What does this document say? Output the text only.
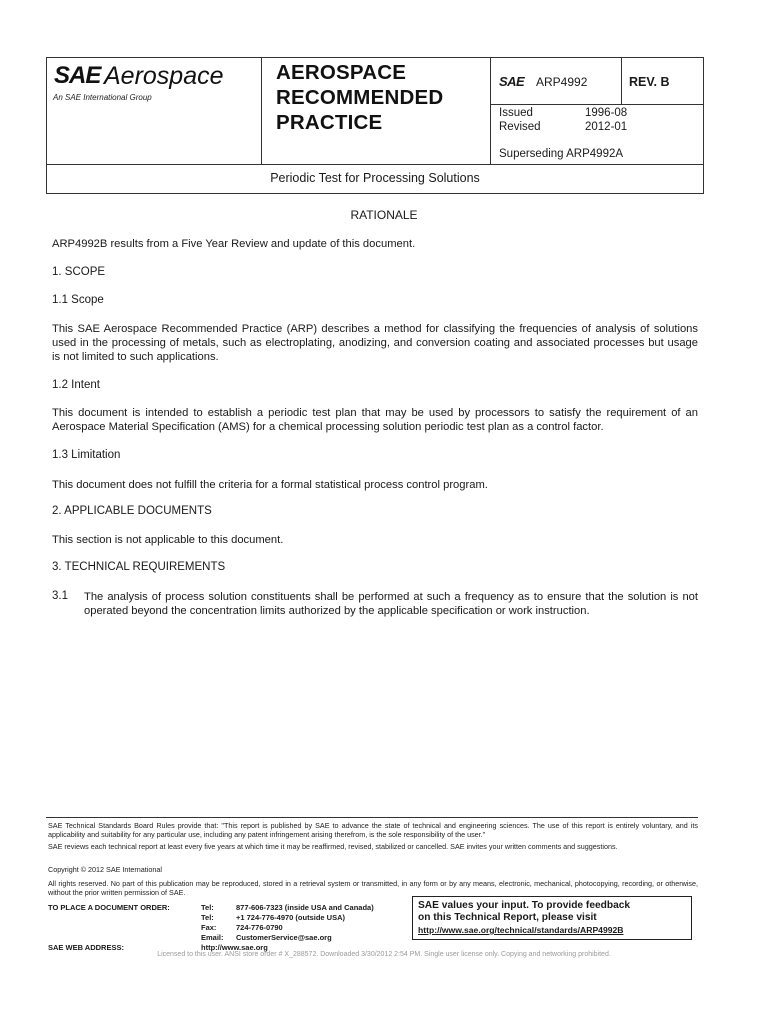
SAE Aerospace
An SAE International Group
AEROSPACE
RECOMMENDED
PRACTICE
SAE ARP4992	REV. B
Issued	1996-08
Revised	2012-01
Superseding ARP4992A
Periodic Test for Processing Solutions
RATIONALE
ARP4992B results from a Five Year Review and update of this document.
1. SCOPE
1.1 Scope
This SAE Aerospace Recommended Practice (ARP) describes a method for classifying the frequencies of analysis of solutions used in the processing of metals, such as electroplating, anodizing, and conversion coating and associated processes but usage is not limited to such applications.
1.2 Intent
This document is intended to establish a periodic test plan that may be used by processors to satisfy the requirement of an Aerospace Material Specification (AMS) for a chemical processing solution periodic test plan as a control factor.
1.3 Limitation
This document does not fulfill the criteria for a formal statistical process control program.
2. APPLICABLE DOCUMENTS
This section is not applicable to this document.
3. TECHNICAL REQUIREMENTS
3.1 The analysis of process solution constituents shall be performed at such a frequency as to ensure that the solution is not operated beyond the concentration limits authorized by the applicable specification or work instruction.
SAE Technical Standards Board Rules provide that: "This report is published by SAE to advance the state of technical and engineering sciences. The use of this report is entirely voluntary, and its applicability and suitability for any particular use, including any patent infringement arising therefrom, is the sole responsibility of the user."
SAE reviews each technical report at least every five years at which time it may be reaffirmed, revised, stabilized or cancelled. SAE invites your written comments and suggestions.
Copyright © 2012 SAE International
All rights reserved. No part of this publication may be reproduced, stored in a retrieval system or transmitted, in any form or by any means, electronic, mechanical, photocopying, recording, or otherwise, without the prior written permission of SAE.
TO PLACE A DOCUMENT ORDER:	Tel:	877-606-7323 (inside USA and Canada)
Tel:	+1 724-776-4970 (outside USA)
Fax:	724-776-0790
Email: CustomerService@sae.org
SAE WEB ADDRESS:	http://www.sae.org
SAE values your input. To provide feedback
on this Technical Report, please visit
http://www.sae.org/technical/standards/ARP4992B
Licensed to this user. ANSI store order # X_288572. Downloaded 3/30/2012 2:54 PM. Single user license only. Copying and networking prohibited.
